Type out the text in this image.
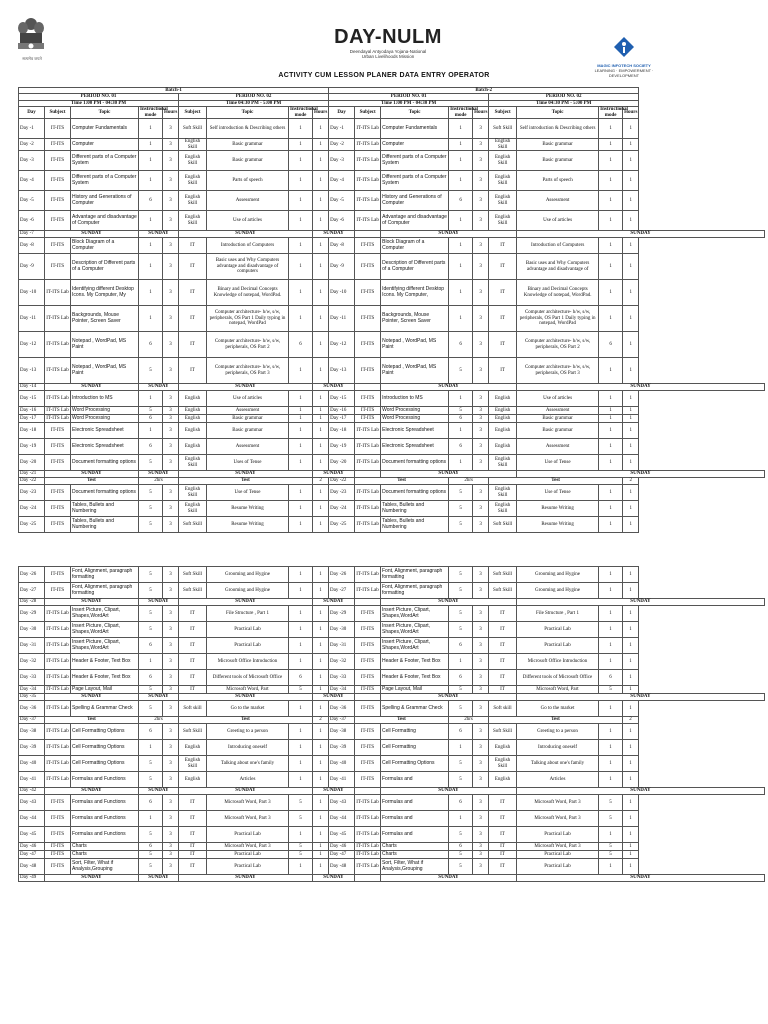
सत्यमेव जयते
DAY-NULM
Deendayal Antyodaya Yojana-National
Urban Livelihoods Mission
MAGIC INFOTECH SOCIETY
LEARNING · EMPOWERMENT · DEVELOPMENT
ACTIVITY CUM LESSON PLANER DATA ENTRY OPERATOR
Batch-1									Batch-2								
PERIOD NO. 01					PERIOD NO. 02				PERIOD NO. 01					PERIOD NO. 02			
Time 1:00 PM - 04:30 PM					Time 04:30 PM - 5:00 PM				Time 1:00 PM - 04:30 PM					Time 04:30 PM - 5:00 PM			
Day	Subject	Topic	Instructional mode	Hours	Subject	Topic	Instructional mode	Hours	Day	Subject	Topic	Instructional mode	Hours	Subject	Topic	Instructional mode	Hours
Day -1	IT-ITS	Computer Fundamentals	1	3	Soft Skill	Self introduction & Describing others	1	1	Day -1	IT-ITS Lab	Computer Fundamentals	1	3	Soft Skill	Self introduction & Describing others	1	1
Day -2	IT-ITS	Computer	1	3	English Skill	Basic grammar	1	1	Day -2	IT-ITS Lab	Computer	1	3	English Skill	Basic grammar	1	1
Day -3	IT-ITS	Different parts of a Computer System	1	3	English Skill	Basic grammar	1	1	Day -3	IT-ITS Lab	Different parts of a Computer System	1	3	English Skill	Basic grammar	1	1
Day -4	IT-ITS	Different parts of a Computer System	1	3	English Skill	Parts of speech	1	1	Day -4	IT-ITS Lab	Different parts of a Computer System	1	3	English Skill	Parts of speech	1	1
Day -5	IT-ITS	History and Generations of Computer	6	3	English Skill	Assessment	1	1	Day -5	IT-ITS Lab	History and Generations of Computer	6	3	English Skill	Assessment	1	1
Day -6	IT-ITS	Advantage and disadvantage of Computer	1	3	English Skill	Use of articles	1	1	Day -6	IT-ITS Lab	Advantage and disadvantage of Computer	1	3	English Skill	Use of articles	1	1
Day -7	SUNDAY		SUNDAY		SUNDAY			SUNDAY			SUNDAY				SUNDAY		
Day -8	IT-ITS	Block Diagram of a Computer	1	3	IT	Introduction of Computers	1	1	Day -8	IT-ITS	Block Diagram of a Computer	1	3	IT	Introduction of Computers	1	1
Day -9	IT-ITS	Description of Different parts of a Computer	1	3	IT	Basic uses and Why Computers advantage and disadvantage of computers	1	1	Day -9	IT-ITS	Description of Different parts of a Computer	1	3	IT	Basic uses and Why Computers advantage and disadvantage of	1	1
Day -10	IT-ITS Lab	Identifying different Desktop Icons. My Computer, My	1	3	IT	Binary and Decimal Concepts Knowledge of notepad, WordPad.	1	1	Day -10	IT-ITS	Identifying different Desktop Icons. My Computer,	1	3	IT	Binary and Decimal Concepts Knowledge of notepad, WordPad.	1	1
Day -11	IT-ITS Lab	Backgrounds, Mouse Pointer, Screen Saver	1	3	IT	Computer architecture- h/w, s/w, peripherals, OS Part 1 Daily typing in notepad, WordPad	1	1	Day -11	IT-ITS	Backgrounds, Mouse Pointer, Screen Saver	1	3	IT	Computer architecture- h/w, s/w, peripherals, OS Part 1 Daily typing in notepad, WordPad	1	1
Day -12	IT-ITS Lab	Notepad , WordPad, MS Paint	6	3	IT	Computer architecture- h/w, s/w, peripherals, OS Part 2	6	1	Day -12	IT-ITS	Notepad , WordPad, MS Paint	6	3	IT	Computer architecture- h/w, s/w, peripherals, OS Part 2	6	1
Day -13	IT-ITS Lab	Notepad , WordPad, MS Paint	5	3	IT	Computer architecture- h/w, s/w, peripherals, OS Part 3	1	1	Day -13	IT-ITS	Notepad , WordPad, MS Paint	5	3	IT	Computer architecture- h/w, s/w, peripherals, OS Part 3	1	1
Day -14	SUNDAY		SUNDAY		SUNDAY			SUNDAY			SUNDAY				SUNDAY		
Day -15	IT-ITS Lab	Introduction to MS	1	3	English	Use of articles	1	1	Day -15	IT-ITS	Introduction to MS	1	3	English	Use of articles	1	1
Day -16	IT-ITS Lab	Word Processing	5	3	English	Assessment	1	1	Day -16	IT-ITS	Word Processing	5	3	English	Assessment	1	1
Day -17	IT-ITS Lab	Word Processing	6	3	English	Basic grammar	1	1	Day -17	IT-ITS	Word Processing	6	3	English	Basic grammar	1	1
Day -18	IT-ITS	Electronic Spreadsheet	1	3	English	Basic grammar	1	1	Day -18	IT-ITS Lab	Electronic Spreadsheet	1	3	English	Basic grammar	1	1
Day -19	IT-ITS	Electronic Spreadsheet	6	3	English	Assessment	1	1	Day -19	IT-ITS Lab	Electronic Spreadsheet	6	3	English	Assessment	1	1
Day -20	IT-ITS	Document formatting options	5	3	English Skill	Uses of Tense	1	1	Day -20	IT-ITS Lab	Document formatting options	1	3	English Skill	Use of Tense	1	1
Day -21	SUNDAY		SUNDAY		SUNDAY			SUNDAY			SUNDAY				SUNDAY		
Day -22	Test		2hrs		Test			2	Day -22	Test		2hrs		Test			2
Day -23	IT-ITS	Document formatting options	5	3	English Skill	Use of Tense	1	1	Day -23	IT-ITS Lab	Document formatting options	5	3	English Skill	Use of Tense	1	1
Day -24	IT-ITS	Tables, Bullets and Numbering	5	3	English Skill	Resume Writing	1	1	Day -24	IT-ITS Lab	Tables, Bullets and Numbering	5	3	English Skill	Resume Writing	1	1
Day -25	IT-ITS	Tables, Bullets and Numbering	5	3	Soft Skill	Resume Writing	1	1	Day -25	IT-ITS Lab	Tables, Bullets and Numbering	5	3	Soft Skill	Resume Writing	1	1
Day -26	IT-ITS	Font, Alignment, paragraph formatting	5	3	Soft Skill	Grooming and Hygine	1	1	Day -26	IT-ITS Lab	Font, Alignment, paragraph formatting	5	3	Soft Skill	Grooming and Hygine	1	1
Day -27	IT-ITS	Font, Alignment, paragraph formatting	5	3	Soft Skill	Grooming and Hygine	1	1	Day -27	IT-ITS Lab	Font, Alignment, paragraph formatting	5	3	Soft Skill	Grooming and Hygine	1	1
Day -28	SUNDAY		SUNDAY		SUNDAY			SUNDAY			SUNDAY				SUNDAY		
Day -29	IT-ITS Lab	Insert Picture, Clipart, Shapes,WordArt	5	3	IT	File Structure , Part 1	1	1	Day -29	IT-ITS	Insert Picture, Clipart, Shapes,WordArt	5	3	IT	File Structure , Part 1	1	1
Day -30	IT-ITS Lab	Insert Picture, Clipart, Shapes,WordArt	5	3	IT	Practical Lab	1	1	Day -30	IT-ITS	Insert Picture, Clipart, Shapes,WordArt	5	3	IT	Practical Lab	1	1
Day -31	IT-ITS Lab	Insert Picture, Clipart, Shapes,WordArt	6	3	IT	Practical Lab	1	1	Day -31	IT-ITS	Insert Picture, Clipart, Shapes,WordArt	6	3	IT	Practical Lab	1	1
Day -32	IT-ITS Lab	Header & Footer, Text Box	1	3	IT	Microsoft Office Introduction	1	1	Day -32	IT-ITS	Header & Footer, Text Box	1	3	IT	Microsoft Office Introduction	1	1
Day -33	IT-ITS Lab	Header & Footer, Text Box	6	3	IT	Different tools of Microsoft Office	6	1	Day -33	IT-ITS	Header & Footer, Text Box	6	3	IT	Different tools of Microsoft Office	6	1
Day -34	IT-ITS Lab	Page Layout, Mail	5	3	IT	Microsoft Word, Part	5	1	Day -34	IT-ITS	Page Layout, Mail	5	3	IT	Microsoft Word, Part	5	1
Day -35	SUNDAY		SUNDAY		SUNDAY			SUNDAY			SUNDAY				SUNDAY		
Day -36	IT-ITS Lab	Spelling & Grammar Check	5	3	Soft skill	Go to the market	1	1	Day -36	IT-ITS	Spelling & Grammar Check	5	3	Soft skill	Go to the market	1	1
Day -37	Test		2hrs		Test			2	Day -37	Test		2hrs		Test			2
Day -38	IT-ITS Lab	Cell Formatting Options	6	3	Soft Skill	Greeting to a person	1	1	Day -38	IT-ITS	Cell Formatting	6	3	Soft Skill	Greeting to a person	1	1
Day -39	IT-ITS Lab	Cell Formatting Options	1	3	English	Introducing oneself	1	1	Day -39	IT-ITS	Cell Formatting	1	3	English	Introducing oneself	1	1
Day -40	IT-ITS Lab	Cell Formatting Options	5	3	English Skill	Talking about one's family	1	1	Day -40	IT-ITS	Cell Formatting Options	5	3	English Skill	Talking about one's family	1	1
Day -41	IT-ITS Lab	Formulas and Functions	5	3	English	Articles	1	1	Day -41	IT-ITS	Formulas and	5	3	English	Articles	1	1
Day -42	SUNDAY		SUNDAY		SUNDAY			SUNDAY			SUNDAY				SUNDAY		
Day -43	IT-ITS	Formulas and Functions	6	3	IT	Microsoft Word, Part 3	5	1	Day -43	IT-ITS Lab	Formulas and	6	3	IT	Microsoft Word, Part 3	5	1
Day -44	IT-ITS	Formulas and Functions	1	3	IT	Microsoft Word, Part 3	5	1	Day -44	IT-ITS Lab	Formulas and	1	3	IT	Microsoft Word, Part 3	5	1
Day -45	IT-ITS	Formulas and Functions	5	3	IT	Practical Lab	1	1	Day -45	IT-ITS Lab	Formulas and	5	3	IT	Practical Lab	1	1
Day -46	IT-ITS	Charts	6	3	IT	Microsoft Word, Part 3	5	1	Day -46	IT-ITS Lab	Charts	6	3	IT	Microsoft Word, Part 3	5	1
Day -47	IT-ITS	Charts	5	3	IT	Practical Lab	5	1	Day -47	IT-ITS Lab	Charts	5	3	IT	Practical Lab	5	1
Day -48	IT-ITS	Sort, Filter, What if Analysis,Grouping	5	3	IT	Practical Lab	1	1	Day -48	IT-ITS Lab	Sort, Filter, What if Analysis,Grouping	5	3	IT	Practical Lab	1	1
Day -49	SUNDAY		SUNDAY		SUNDAY			SUNDAY			SUNDAY				SUNDAY		
